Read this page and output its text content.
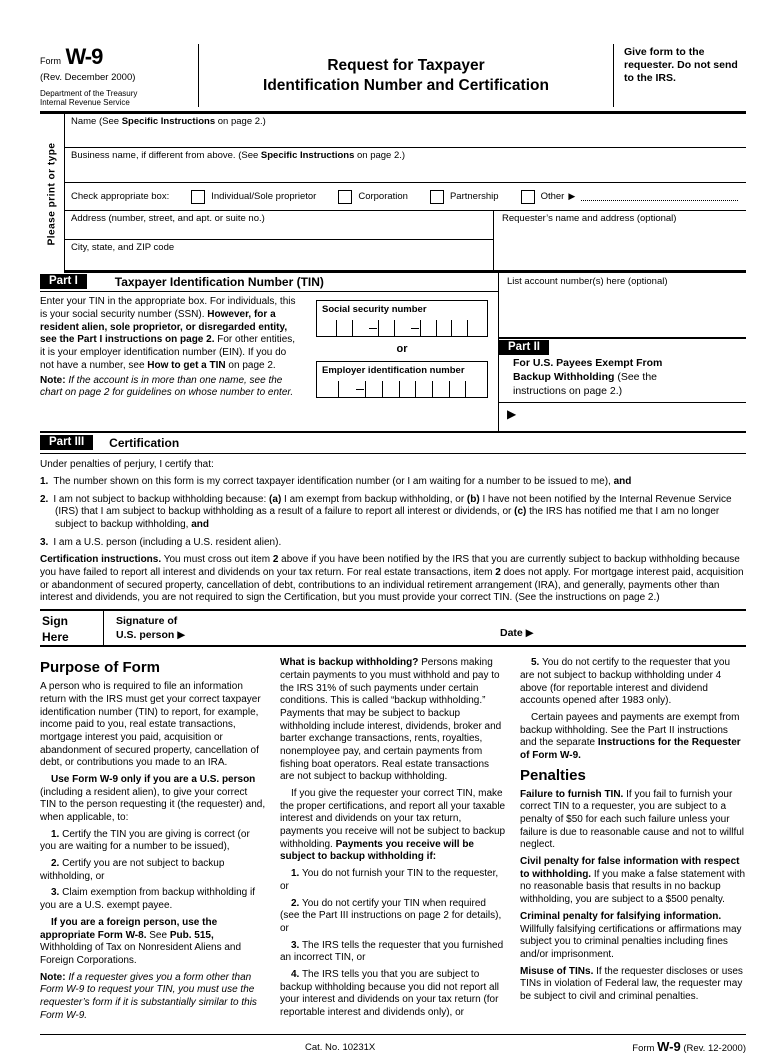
Form W-9
(Rev. December 2000)
Department of the Treasury
Internal Revenue Service
Request for Taxpayer
Identification Number and Certification
Give form to the requester. Do not send to the IRS.
Please print or type
Name (See Specific Instructions on page 2.)
Business name, if different from above. (See Specific Instructions on page 2.)
Check appropriate box:	Individual/Sole proprietor	Corporation	Partnership	Other ▶
Address (number, street, and apt. or suite no.)
City, state, and ZIP code
Requester’s name and address (optional)
Part I	Taxpayer Identification Number (TIN)

Enter your TIN in the appropriate box. For individuals, this is your social security number (SSN). However, for a resident alien, sole proprietor, or disregarded entity, see the Part I instructions on page 2. For other entities, it is your employer identification number (EIN). If you do not have a number, see How to get a TIN on page 2.

Note: If the account is in more than one name, see the chart on page 2 for guidelines on whose number to enter.

Social security number
or
Employer identification number
List account number(s) here (optional)
Part II
For U.S. Payees Exempt From Backup Withholding (See the instructions on page 2.)
▶
Part III	Certification

Under penalties of perjury, I certify that:

1. The number shown on this form is my correct taxpayer identification number (or I am waiting for a number to be issued to me), and

2. I am not subject to backup withholding because: (a) I am exempt from backup withholding, or (b) I have not been notified by the Internal Revenue Service (IRS) that I am subject to backup withholding as a result of a failure to report all interest or dividends, or (c) the IRS has notified me that I am no longer subject to backup withholding, and

3. I am a U.S. person (including a U.S. resident alien).

Certification instructions. You must cross out item 2 above if you have been notified by the IRS that you are currently subject to backup withholding because you have failed to report all interest and dividends on your tax return. For real estate transactions, item 2 does not apply. For mortgage interest paid, acquisition or abandonment of secured property, cancellation of debt, contributions to an individual retirement arrangement (IRA), and generally, payments other than interest and dividends, you are not required to sign the Certification, but you must provide your correct TIN. (See the instructions on page 2.)

Sign
Here
Signature of
U.S. person ▶	Date ▶
Purpose of Form

A person who is required to file an information return with the IRS must get your correct taxpayer identification number (TIN) to report, for example, income paid to you, real estate transactions, mortgage interest you paid, acquisition or abandonment of secured property, cancellation of debt, or contributions you made to an IRA.

Use Form W-9 only if you are a U.S. person (including a resident alien), to give your correct TIN to the person requesting it (the requester) and, when applicable, to:

1. Certify the TIN you are giving is correct (or you are waiting for a number to be issued),

2. Certify you are not subject to backup withholding, or

3. Claim exemption from backup withholding if you are a U.S. exempt payee.

If you are a foreign person, use the appropriate Form W-8. See Pub. 515, Withholding of Tax on Nonresident Aliens and Foreign Corporations.

Note: If a requester gives you a form other than Form W-9 to request your TIN, you must use the requester’s form if it is substantially similar to this Form W-9.

What is backup withholding? Persons making certain payments to you must withhold and pay to the IRS 31% of such payments under certain conditions. This is called “backup withholding.” Payments that may be subject to backup withholding include interest, dividends, broker and barter exchange transactions, rents, royalties, nonemployee pay, and certain payments from fishing boat operators. Real estate transactions are not subject to backup withholding.

If you give the requester your correct TIN, make the proper certifications, and report all your taxable interest and dividends on your tax return, payments you receive will not be subject to backup withholding. Payments you receive will be subject to backup withholding if:

1. You do not furnish your TIN to the requester, or

2. You do not certify your TIN when required (see the Part III instructions on page 2 for details), or

3. The IRS tells the requester that you furnished an incorrect TIN, or

4. The IRS tells you that you are subject to backup withholding because you did not report all your interest and dividends on your tax return (for reportable interest and dividends only), or

5. You do not certify to the requester that you are not subject to backup withholding under 4 above (for reportable interest and dividend accounts opened after 1983 only).

Certain payees and payments are exempt from backup withholding. See the Part II instructions and the separate Instructions for the Requester of Form W-9.

Penalties

Failure to furnish TIN. If you fail to furnish your correct TIN to a requester, you are subject to a penalty of $50 for each such failure unless your failure is due to reasonable cause and not to willful neglect.

Civil penalty for false information with respect to withholding. If you make a false statement with no reasonable basis that results in no backup withholding, you are subject to a $500 penalty.

Criminal penalty for falsifying information. Willfully falsifying certifications or affirmations may subject you to criminal penalties including fines and/or imprisonment.

Misuse of TINs. If the requester discloses or uses TINs in violation of Federal law, the requester may be subject to civil and criminal penalties.

Cat. No. 10231X	Form W-9 (Rev. 12-2000)
